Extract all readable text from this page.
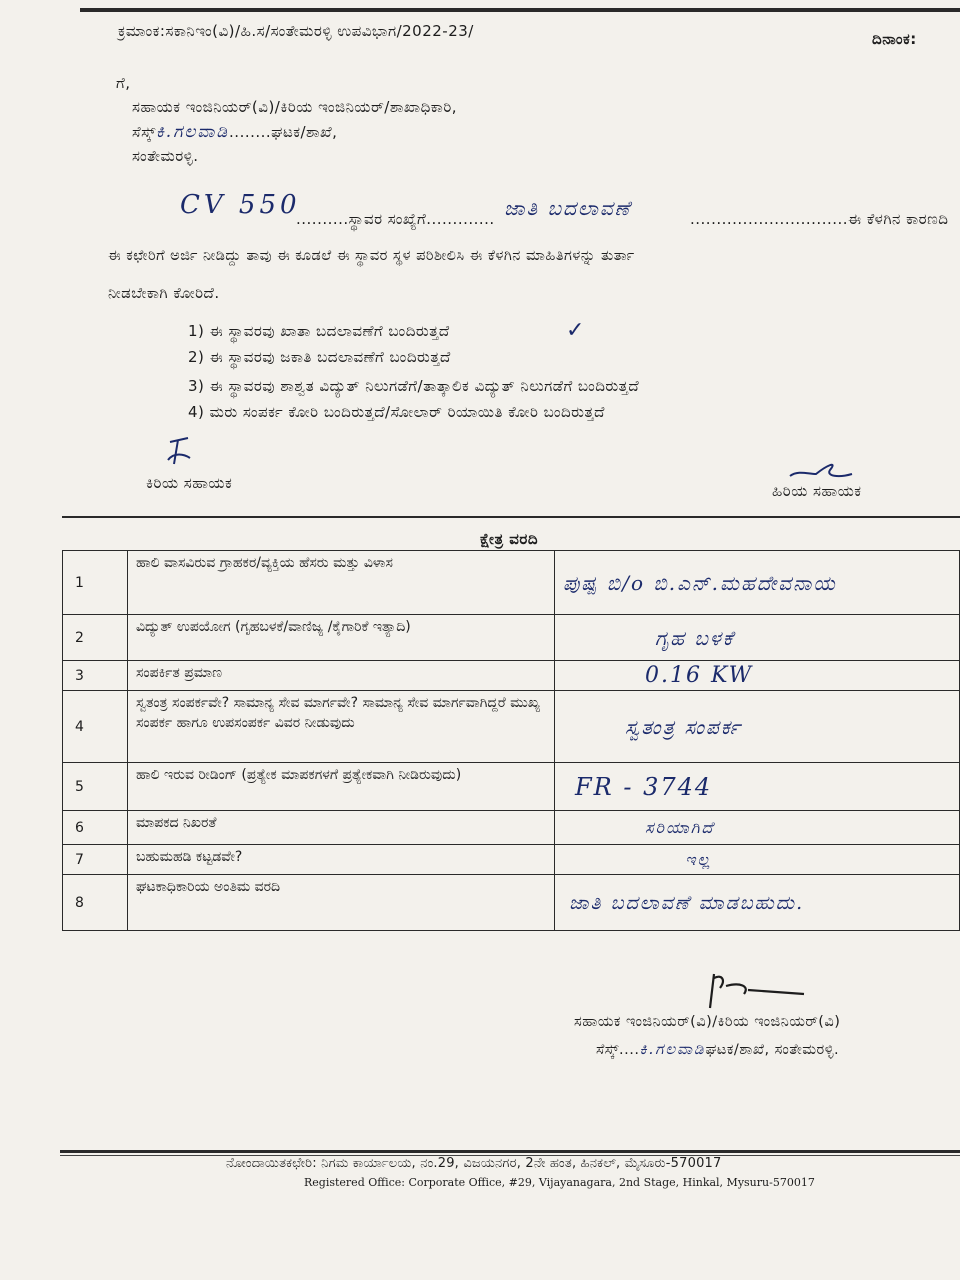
ಕ್ರಮಾಂಕ:ಸಕಾನಿಇಂ(ವಿ)/ಹಿ.ಸ/ಸಂತೇಮರಳ್ಳಿ ಉಪವಿಭಾಗ/2022-23/	ದಿನಾಂಕ:
ಗೆ,
ಸಹಾಯಕ ಇಂಜಿನಿಯರ್(ವಿ)/ಕಿರಿಯ ಇಂಜಿನಿಯರ್/ಶಾಖಾಧಿಕಾರಿ,
ಸೆಸ್ಕ್ಕಿ.ಗಲವಾಡಿ........ಘಟಕ/ಶಾಖೆ,
ಸಂತೇಮರಳ್ಳಿ.
CV 550
..........ಸ್ಥಾವರ ಸಂಖ್ಯೆಗೆ............. ಜಾತಿ ಬದಲಾವಣೆ	..............................ಈ ಕೆಳಗಿನ ಕಾರಣದಿ
ಈ ಕಛೇರಿಗೆ ಅರ್ಜಿ ನೀಡಿದ್ದು ತಾವು ಈ ಕೂಡಲೆ ಈ ಸ್ಥಾವರ ಸ್ಥಳ ಪರಿಶೀಲಿಸಿ ಈ ಕೆಳಗಿನ ಮಾಹಿತಿಗಳನ್ನು ತುರ್ತಾ
ನೀಡಬೇಕಾಗಿ ಕೋರಿದೆ.
1) ಈ ಸ್ಥಾವರವು ಖಾತಾ ಬದಲಾವಣೆಗೆ ಬಂದಿರುತ್ತದೆ	✓
2) ಈ ಸ್ಥಾವರವು ಜಕಾತಿ ಬದಲಾವಣೆಗೆ ಬಂದಿರುತ್ತದೆ
3) ಈ ಸ್ಥಾವರವು ಶಾಶ್ವತ ವಿದ್ಯುತ್ ನಿಲುಗಡೆಗೆ/ತಾತ್ಕಾಲಿಕ ವಿದ್ಯುತ್ ನಿಲುಗಡೆಗೆ ಬಂದಿರುತ್ತದೆ
4) ಮರು ಸಂಪರ್ಕ ಕೋರಿ ಬಂದಿರುತ್ತದೆ/ಸೋಲಾರ್ ರಿಯಾಯಿತಿ ಕೋರಿ ಬಂದಿರುತ್ತದೆ
ಕಿರಿಯ ಸಹಾಯಕ	ಹಿರಿಯ ಸಹಾಯಕ
ಕ್ಷೇತ್ರ ವರದಿ
1	ಹಾಲಿ ವಾಸವಿರುವ ಗ್ರಾಹಕರ/ವ್ಯಕ್ತಿಯ ಹೆಸರು ಮತ್ತು ವಿಳಾಸ	ಪುಷ್ಪ ಬಿ/o ಬಿ.ಎನ್.ಮಹದೇವನಾಯ
2	ವಿದ್ಯುತ್ ಉಪಯೋಗ (ಗೃಹಬಳಕೆ/ವಾಣಿಜ್ಯ /ಕೈಗಾರಿಕೆ ಇತ್ಯಾದಿ)	ಗೃಹ ಬಳಕೆ
3	ಸಂಪರ್ಕಿತ ಪ್ರಮಾಣ	0.16 KW
4	ಸ್ವತಂತ್ರ ಸಂಪರ್ಕವೇ? ಸಾಮಾನ್ಯ ಸೇವ ಮಾರ್ಗವೇ? ಸಾಮಾನ್ಯ ಸೇವ ಮಾರ್ಗವಾಗಿದ್ದರೆ ಮುಖ್ಯ ಸಂಪರ್ಕ ಹಾಗೂ ಉಪಸಂಪರ್ಕ ವಿವರ ನೀಡುವುದು	ಸ್ವತಂತ್ರ ಸಂಪರ್ಕ
5	ಹಾಲಿ ಇರುವ ರೀಡಿಂಗ್ (ಪ್ರತ್ಯೇಕ ಮಾಪಕಗಳಗೆ ಪ್ರತ್ಯೇಕವಾಗಿ ನೀಡಿರುವುದು)	FR - 3744
6	ಮಾಪಕದ ನಿಖರತೆ	ಸರಿಯಾಗಿದೆ
7	ಬಹುಮಹಡಿ ಕಟ್ಟಡವೇ?	ಇಲ್ಲ
8	ಘಟಕಾಧಿಕಾರಿಯ ಅಂತಿಮ ವರದಿ	ಜಾತಿ ಬದಲಾವಣೆ ಮಾಡಬಹುದು.
ಸಹಾಯಕ ಇಂಜಿನಿಯರ್(ವಿ)/ಕಿರಿಯ ಇಂಜಿನಿಯರ್(ವಿ)
ಸೆಸ್ಕ್....ಕಿ.ಗಲವಾಡಿಘಟಕ/ಶಾಖೆ, ಸಂತೇಮರಳ್ಳಿ.
ನೋಂದಾಯಿತಕಛೇರಿ: ನಿಗಮ ಕಾರ್ಯಾಲಯ, ನಂ.29, ವಿಜಯನಗರ, 2ನೇ ಹಂತ, ಹಿನಕಲ್, ಮೈಸೂರು-570017
Registered Office: Corporate Office, #29, Vijayanagara, 2nd Stage, Hinkal, Mysuru-570017
